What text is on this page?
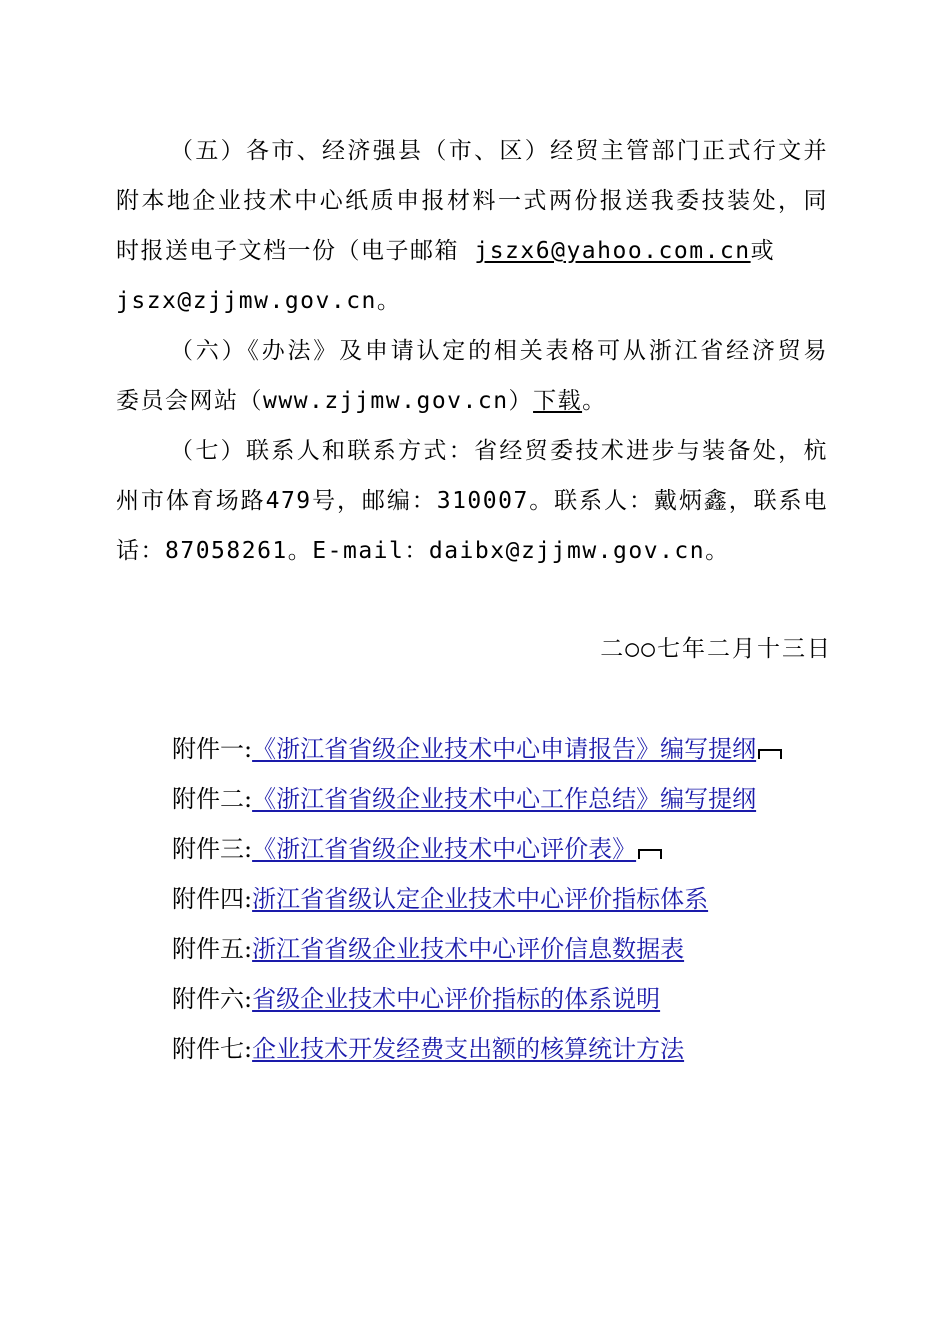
（五）各市、经济强县（市、区）经贸主管部门正式行文并
附本地企业技术中心纸质申报材料一式两份报送我委技装处，同
时报送电子文档一份（电子邮箱 jszx6@yahoo.com.cn或
jszx@zjjmw.gov.cn。
（六）《办法》及申请认定的相关表格可从浙江省经济贸易
委员会网站（www.zjjmw.gov.cn）下载。
（七）联系人和联系方式：省经贸委技术进步与装备处，杭
州市体育场路479号，邮编：310007。联系人：戴炳鑫，联系电
话：87058261。E-mail：daibx@zjjmw.gov.cn。
二○○七年二月十三日
附件一:《浙江省省级企业技术中心申请报告》编写提纲
附件二:《浙江省省级企业技术中心工作总结》编写提纲
附件三:《浙江省省级企业技术中心评价表》
附件四:浙江省省级认定企业技术中心评价指标体系
附件五:浙江省省级企业技术中心评价信息数据表
附件六:省级企业技术中心评价指标的体系说明
附件七:企业技术开发经费支出额的核算统计方法
